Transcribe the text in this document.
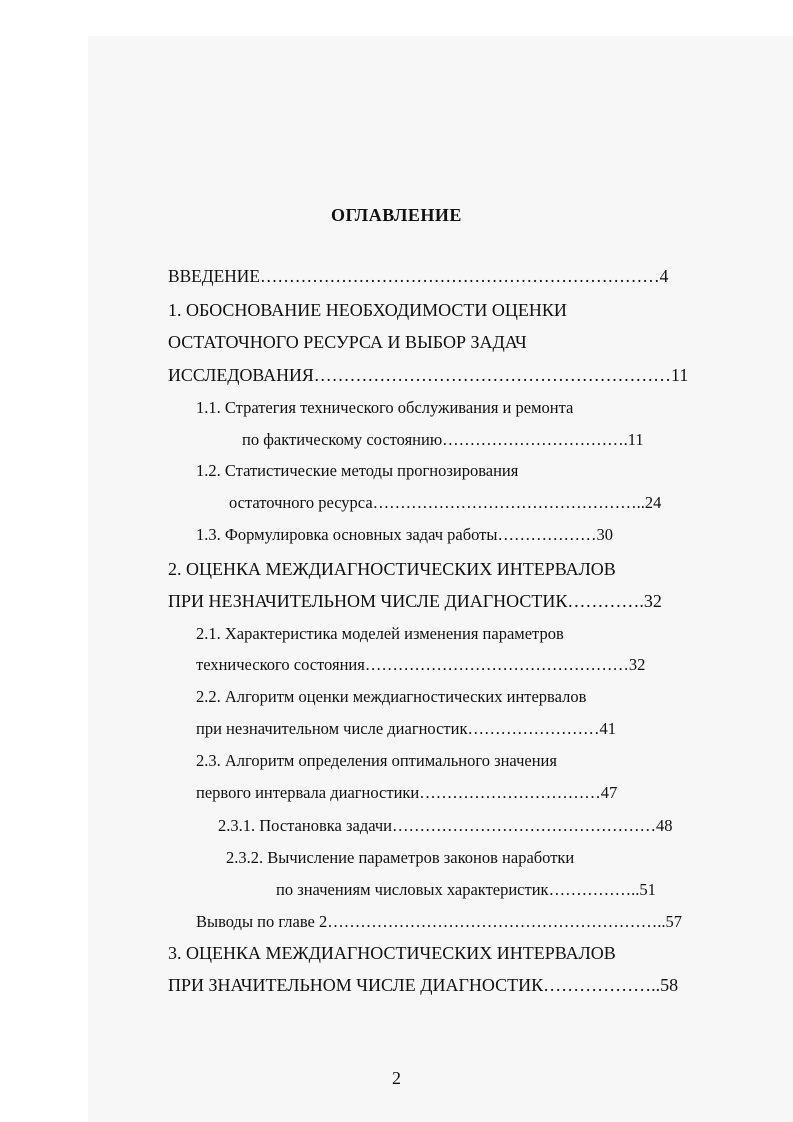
ОГЛАВЛЕНИЕ
ВВЕДЕНИЕ……………………………………………………………4
1. ОБОСНОВАНИЕ НЕОБХОДИМОСТИ ОЦЕНКИ
ОСТАТОЧНОГО РЕСУРСА И ВЫБОР ЗАДАЧ
ИССЛЕДОВАНИЯ……………………………………………………11
1.1. Стратегия технического обслуживания и ремонта
по фактическому состоянию…………………………….11
1.2. Статистические методы прогнозирования
остаточного ресурса…………………………………………..24
1.3. Формулировка основных задач работы………………30
2. ОЦЕНКА МЕЖДИАГНОСТИЧЕСКИХ ИНТЕРВАЛОВ
ПРИ НЕЗНАЧИТЕЛЬНОМ ЧИСЛЕ ДИАГНОСТИК………….32
2.1. Характеристика моделей изменения параметров
технического состояния…………………………………………32
2.2. Алгоритм оценки междиагностических интервалов
при незначительном числе диагностик……………………41
2.3. Алгоритм определения оптимального значения
первого интервала диагностики……………………………47
2.3.1. Постановка задачи…………………………………………48
2.3.2. Вычисление параметров законов наработки
по значениям числовых характеристик……………..51
Выводы по главе 2……………………………………………………..57
3. ОЦЕНКА МЕЖДИАГНОСТИЧЕСКИХ ИНТЕРВАЛОВ
ПРИ ЗНАЧИТЕЛЬНОМ ЧИСЛЕ ДИАГНОСТИК………………..58
2
